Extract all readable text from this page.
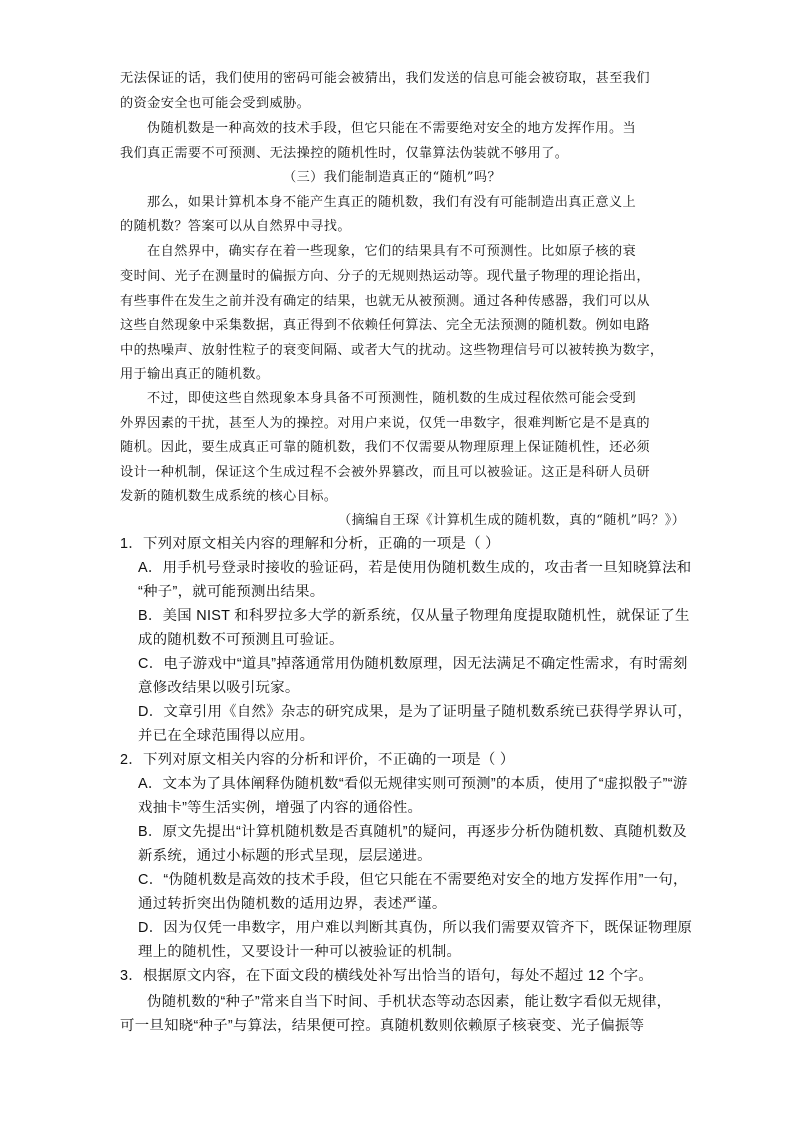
无法保证的话，我们使用的密码可能会被猜出，我们发送的信息可能会被窃取，甚至我们

的资金安全也可能会受到威胁。

伪随机数是一种高效的技术手段，但它只能在不需要绝对安全的地方发挥作用。当

我们真正需要不可预测、无法操控的随机性时，仅靠算法伪装就不够用了。

（三）我们能制造真正的“随机”吗？

那么，如果计算机本身不能产生真正的随机数，我们有没有可能制造出真正意义上

的随机数？答案可以从自然界中寻找。

在自然界中，确实存在着一些现象，它们的结果具有不可预测性。比如原子核的衰

变时间、光子在测量时的偏振方向、分子的无规则热运动等。现代量子物理的理论指出，

有些事件在发生之前并没有确定的结果，也就无从被预测。通过各种传感器，我们可以从

这些自然现象中采集数据，真正得到不依赖任何算法、完全无法预测的随机数。例如电路

中的热噪声、放射性粒子的衰变间隔、或者大气的扰动。这些物理信号可以被转换为数字，

用于输出真正的随机数。

不过，即使这些自然现象本身具备不可预测性，随机数的生成过程依然可能会受到

外界因素的干扰，甚至人为的操控。对用户来说，仅凭一串数字，很难判断它是不是真的

随机。因此，要生成真正可靠的随机数，我们不仅需要从物理原理上保证随机性，还必须

设计一种机制，保证这个生成过程不会被外界篡改，而且可以被验证。这正是科研人员研

发新的随机数生成系统的核心目标。

（摘编自王琛《计算机生成的随机数，真的“随机”吗？》）

1．下列对原文相关内容的理解和分析，正确的一项是（ ）

A．用手机号登录时接收的验证码，若是使用伪随机数生成的，攻击者一旦知晓算法和

“种子”，就可能预测出结果。

B．美国 NIST 和科罗拉多大学的新系统，仅从量子物理角度提取随机性，就保证了生

成的随机数不可预测且可验证。

C．电子游戏中“道具”掉落通常用伪随机数原理，因无法满足不确定性需求，有时需刻

意修改结果以吸引玩家。

D．文章引用《自然》杂志的研究成果，是为了证明量子随机数系统已获得学界认可，

并已在全球范围得以应用。

2．下列对原文相关内容的分析和评价，不正确的一项是（ ）

A．文本为了具体阐释伪随机数“看似无规律实则可预测”的本质，使用了“虚拟骰子”“游

戏抽卡”等生活实例，增强了内容的通俗性。

B．原文先提出“计算机随机数是否真随机”的疑问，再逐步分析伪随机数、真随机数及

新系统，通过小标题的形式呈现，层层递进。

C．“伪随机数是高效的技术手段，但它只能在不需要绝对安全的地方发挥作用”一句，

通过转折突出伪随机数的适用边界，表述严谨。

D．因为仅凭一串数字，用户难以判断其真伪，所以我们需要双管齐下，既保证物理原

理上的随机性，又要设计一种可以被验证的机制。

3．根据原文内容，在下面文段的横线处补写出恰当的语句，每处不超过 12 个字。

伪随机数的“种子”常来自当下时间、手机状态等动态因素，能让数字看似无规律，

可一旦知晓“种子”与算法，结果便可控。真随机数则依赖原子核衰变、光子偏振等
